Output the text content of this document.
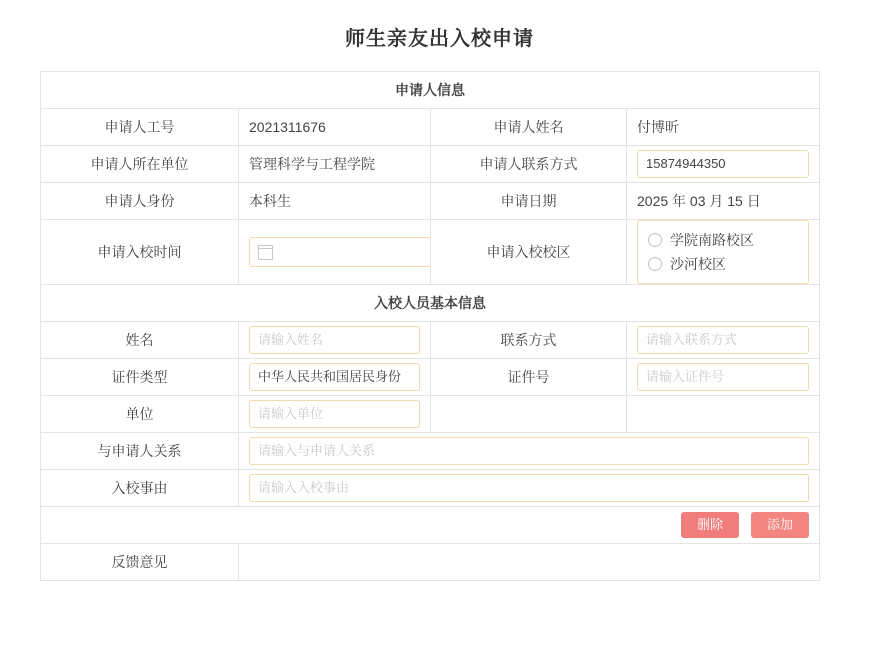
师生亲友出入校申请
申请人信息			
申请人工号	2021311676	申请人姓名	付博昕
申请人所在单位	管理科学与工程学院	申请人联系方式	15874944350

申请人身份	本科生	申请日期	2025 年 03 月 15 日
申请入校时间		申请入校校区	学院南路校区
沙河校区

入校人员基本信息			
姓名	请输入姓名	联系方式	请输入联系方式

证件类型	中华人民共和国居民身份	证件号	请输入证件号

单位	请输入单位		

与申请人关系	请输入与申请人关系		

入校事由	请输入入校事由		

删除 添加			
反馈意见			
